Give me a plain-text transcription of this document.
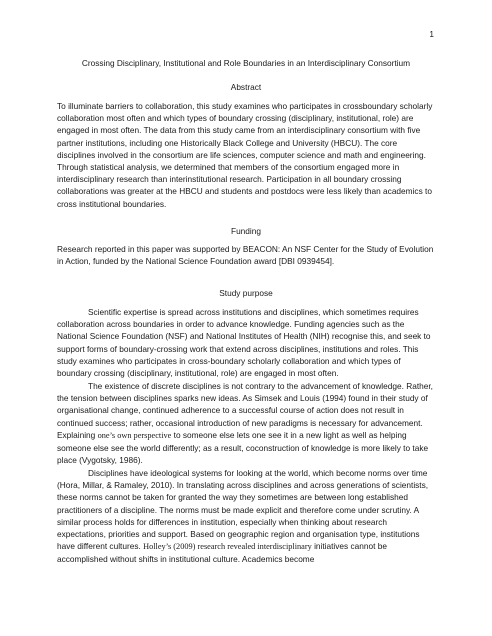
1
Crossing Disciplinary, Institutional and Role Boundaries in an Interdisciplinary Consortium
Abstract
To illuminate barriers to collaboration, this study examines who participates in crossboundary scholarly collaboration most often and which types of boundary crossing (disciplinary, institutional, role) are engaged in most often. The data from this study came from an interdisciplinary consortium with five partner institutions, including one Historically Black College and University (HBCU). The core disciplines involved in the consortium are life sciences, computer science and math and engineering. Through statistical analysis, we determined that members of the consortium engaged more in interdisciplinary research than interinstitutional research. Participation in all boundary crossing collaborations was greater at the HBCU and students and postdocs were less likely than academics to cross institutional boundaries.
Funding
Research reported in this paper was supported by BEACON: An NSF Center for the Study of Evolution in Action, funded by the National Science Foundation award [DBI 0939454].
Study purpose
Scientific expertise is spread across institutions and disciplines, which sometimes requires collaboration across boundaries in order to advance knowledge. Funding agencies such as the National Science Foundation (NSF) and National Institutes of Health (NIH) recognise this, and seek to support forms of boundary-crossing work that extend across disciplines, institutions and roles. This study examines who participates in cross-boundary scholarly collaboration and which types of boundary crossing (disciplinary, institutional, role) are engaged in most often.
The existence of discrete disciplines is not contrary to the advancement of knowledge. Rather, the tension between disciplines sparks new ideas. As Simsek and Louis (1994) found in their study of organisational change, continued adherence to a successful course of action does not result in continued success; rather, occasional introduction of new paradigms is necessary for advancement. Explaining one’s own perspective to someone else lets one see it in a new light as well as helping someone else see the world differently; as a result, coconstruction of knowledge is more likely to take place (Vygotsky, 1986).
Disciplines have ideological systems for looking at the world, which become norms over time (Hora, Millar, & Ramaley, 2010). In translating across disciplines and across generations of scientists, these norms cannot be taken for granted the way they sometimes are between long established practitioners of a discipline. The norms must be made explicit and therefore come under scrutiny. A similar process holds for differences in institution, especially when thinking about research expectations, priorities and support. Based on geographic region and organisation type, institutions have different cultures. Holley’s (2009) research revealed interdisciplinary initiatives cannot be accomplished without shifts in institutional culture. Academics become
